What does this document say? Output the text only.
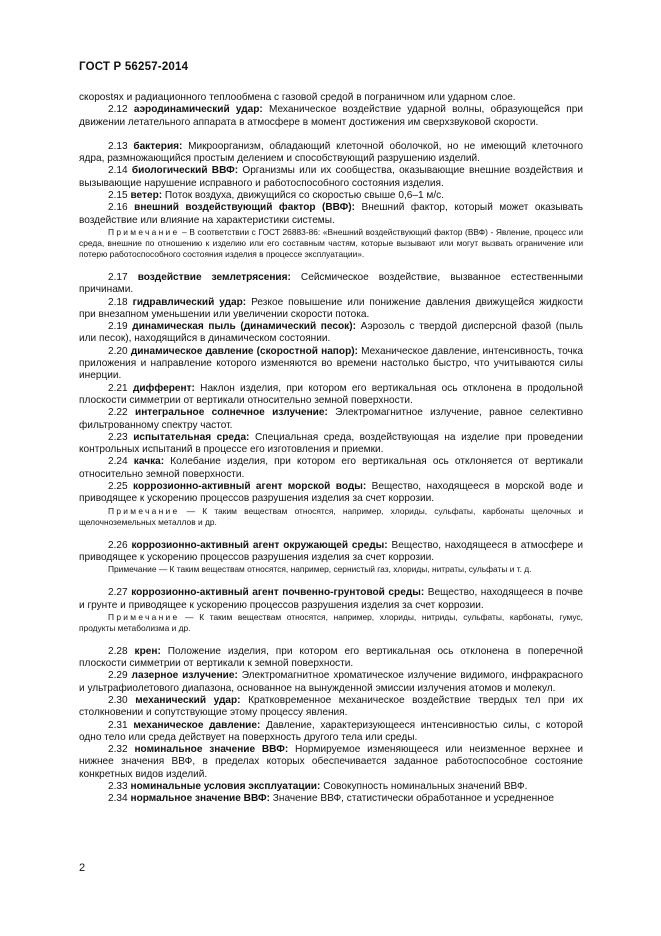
ГОСТ Р 56257-2014

скорostях и радиационного теплообмена с газовой средой в пограничном или ударном слое.

2.12 аэродинамический удар: Механическое воздействие ударной волны, образующейся при движении летательного аппарата в атмосфере в момент достижения им сверхзвуковой скорости.

2.13 бактерия: Микроорганизм, обладающий клеточной оболочкой, но не имеющий клеточного ядра, размножающийся простым делением и способствующий разрушению изделий.

2.14 биологический ВВФ: Организмы или их сообщества, оказывающие внешние воздействия и вызывающие нарушение исправного и работоспособного состояния изделия.

2.15 ветер: Поток воздуха, движущийся со скоростью свыше 0,6–1 м/с.

2.16 внешний воздействующий фактор (ВВФ): Внешний фактор, который может оказывать воздействие или влияние на характеристики системы.

Примечание – В соответствии с ГОСТ 26883-86: «Внешний воздействующий фактор (ВВФ) - Явление, процесс или среда, внешние по отношению к изделию или его составным частям, которые вызывают или могут вызвать ограничение или потерю работоспособного состояния изделия в процессе эксплуатации».

2.17 воздействие землетрясения: Сейсмическое воздействие, вызванное естественными причинами.

2.18 гидравлический удар: Резкое повышение или понижение давления движущейся жидкости при внезапном уменьшении или увеличении скорости потока.

2.19 динамическая пыль (динамический песок): Аэрозоль с твердой дисперсной фазой (пыль или песок), находящийся в динамическом состоянии.

2.20 динамическое давление (скоростной напор): Механическое давление, интенсивность, точка приложения и направление которого изменяются во времени настолько быстро, что учитываются силы инерции.

2.21 дифферент: Наклон изделия, при котором его вертикальная ось отклонена в продольной плоскости симметрии от вертикали относительно земной поверхности.

2.22 интегральное солнечное излучение: Электромагнитное излучение, равное селективно фильтрованному спектру частот.

2.23 испытательная среда: Специальная среда, воздействующая на изделие при проведении контрольных испытаний в процессе его изготовления и приемки.

2.24 качка: Колебание изделия, при котором его вертикальная ось отклоняется от вертикали относительно земной поверхности.

2.25 коррозионно-активный агент морской воды: Вещество, находящееся в морской воде и приводящее к ускорению процессов разрушения изделия за счет коррозии.

Примечание — К таким веществам относятся, например, хлориды, сульфаты, карбонаты щелочных и щелочноземельных металлов и др.

2.26 коррозионно-активный агент окружающей среды: Вещество, находящееся в атмосфере и приводящее к ускорению процессов разрушения изделия за счет коррозии.

Примечание — К таким веществам относятся, например, сернистый газ, хлориды, нитраты, сульфаты и т. д.

2.27 коррозионно-активный агент почвенно-грунтовой среды: Вещество, находящееся в почве и грунте и приводящее к ускорению процессов разрушения изделия за счет коррозии.

Примечание — К таким веществам относятся, например, хлориды, нитриды, сульфаты, карбонаты, гумус, продукты метаболизма и др.

2.28 крен: Положение изделия, при котором его вертикальная ось отклонена в поперечной плоскости симметрии от вертикали к земной поверхности.

2.29 лазерное излучение: Электромагнитное хроматическое излучение видимого, инфракрасного и ультрафиолетового диапазона, основанное на вынужденной эмиссии излучения атомов и молекул.

2.30 механический удар: Кратковременное механическое воздействие твердых тел при их столкновении и сопутствующие этому процессу явления.

2.31 механическое давление: Давление, характеризующееся интенсивностью силы, с которой одно тело или среда действует на поверхность другого тела или среды.

2.32 номинальное значение ВВФ: Нормируемое изменяющееся или неизменное верхнее и нижнее значения ВВФ, в пределах которых обеспечивается заданное работоспособное состояние конкретных видов изделий.

2.33 номинальные условия эксплуатации: Совокупность номинальных значений ВВФ.

2.34 нормальное значение ВВФ: Значение ВВФ, статистически обработанное и усредненное

2
